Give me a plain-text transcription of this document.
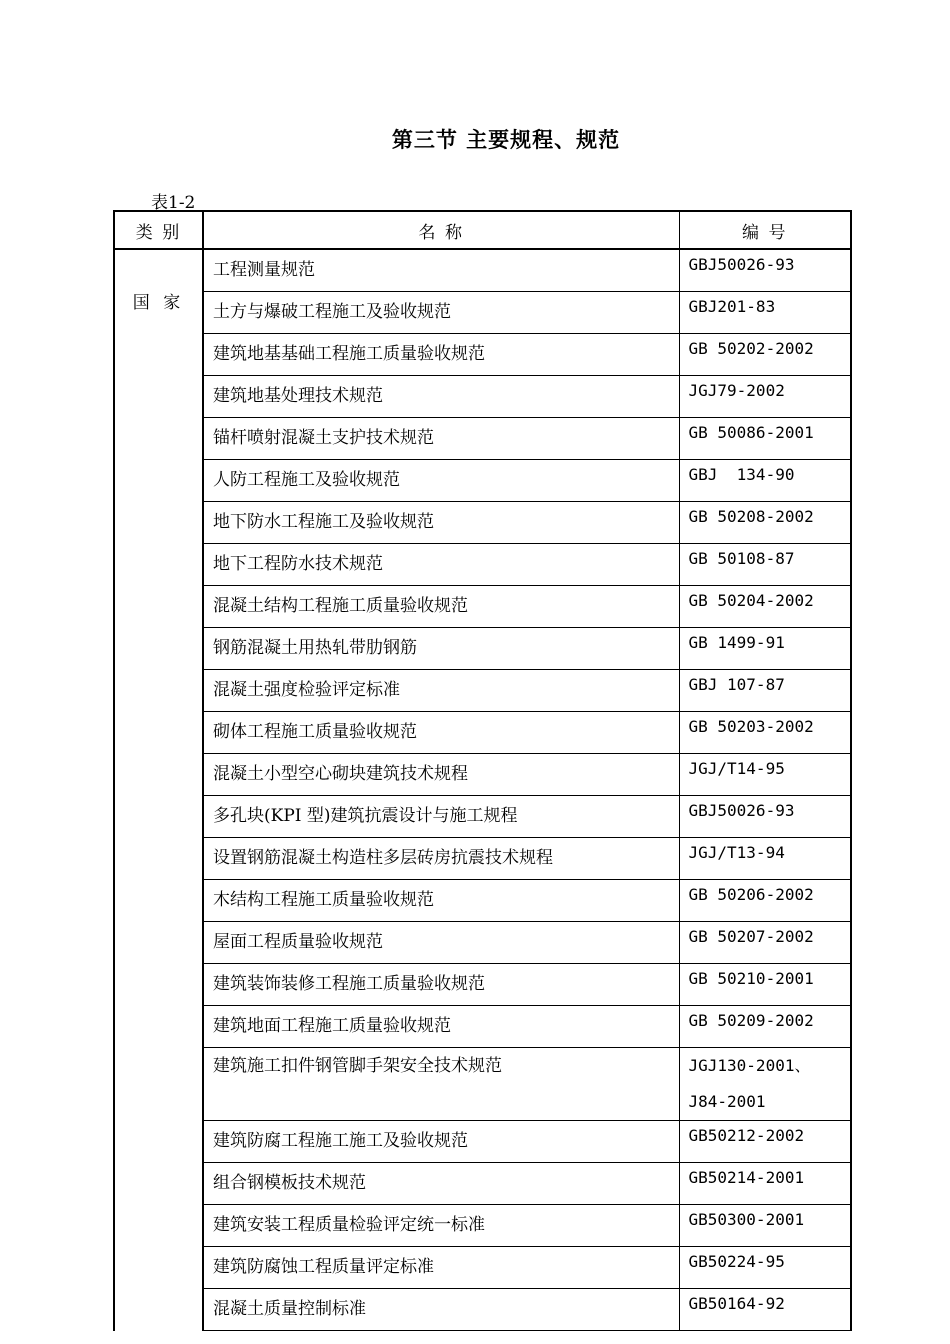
第三节 主要规程、规范
表1-2
类 别	名 称	编 号
国 家	工程测量规范	GBJ50026-93
	土方与爆破工程施工及验收规范	GBJ201-83
	建筑地基基础工程施工质量验收规范	GB 50202-2002
	建筑地基处理技术规范	JGJ79-2002
	锚杆喷射混凝土支护技术规范	GB 50086-2001
	人防工程施工及验收规范	GBJ  134-90
	地下防水工程施工及验收规范	GB 50208-2002
	地下工程防水技术规范	GB 50108-87
	混凝土结构工程施工质量验收规范	GB 50204-2002
	钢筋混凝土用热轧带肋钢筋	GB 1499-91
	混凝土强度检验评定标准	GBJ 107-87
	砌体工程施工质量验收规范	GB 50203-2002
	混凝土小型空心砌块建筑技术规程	JGJ/T14-95
	多孔块(KPⅠ 型)建筑抗震设计与施工规程	GBJ50026-93
	设置钢筋混凝土构造柱多层砖房抗震技术规程	JGJ/T13-94
	木结构工程施工质量验收规范	GB 50206-2002
	屋面工程质量验收规范	GB 50207-2002
	建筑装饰装修工程施工质量验收规范	GB 50210-2001
	建筑地面工程施工质量验收规范	GB 50209-2002
	建筑施工扣件钢管脚手架安全技术规范	JGJ130-2001、
J84-2001

	建筑防腐工程施工施工及验收规范	GB50212-2002
	组合钢模板技术规范	GB50214-2001
	建筑安装工程质量检验评定统一标准	GB50300-2001
	建筑防腐蚀工程质量评定标准	GB50224-95
	混凝土质量控制标准	GB50164-92
